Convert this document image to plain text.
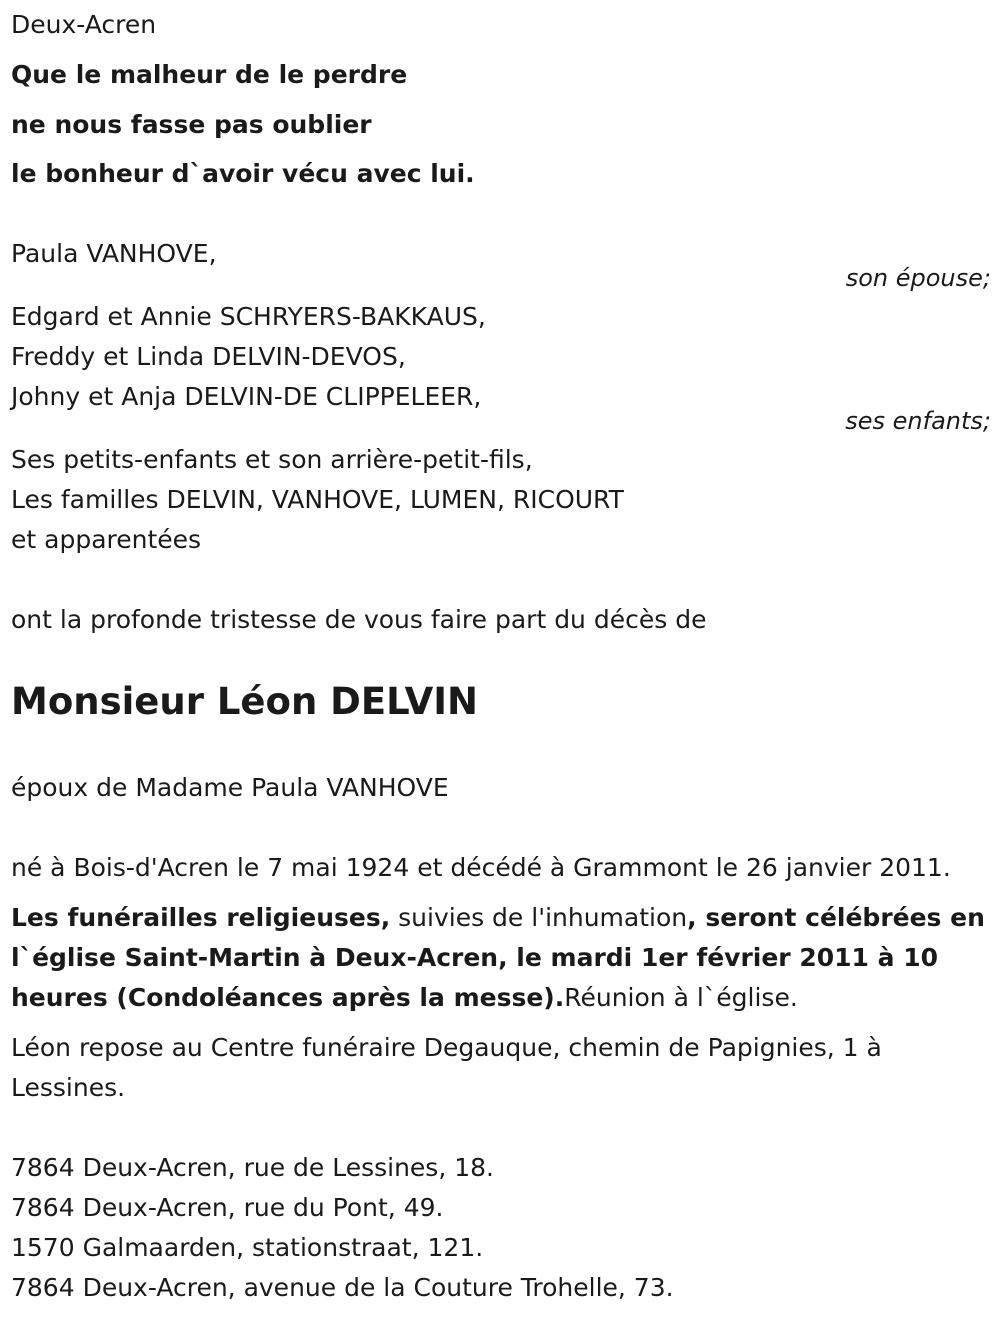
Deux-Acren
Que le malheur de le perdre
ne nous fasse pas oublier
le bonheur d`avoir vécu avec lui.
Paula VANHOVE,
son épouse;
Edgard et Annie SCHRYERS-BAKKAUS,
Freddy et Linda DELVIN-DEVOS,
Johny et Anja DELVIN-DE CLIPPELEER,
ses enfants;
Ses petits-enfants et son arrière-petit-fils,
Les familles DELVIN, VANHOVE, LUMEN, RICOURT
et apparentées
ont la profonde tristesse de vous faire part du décès de
Monsieur Léon DELVIN
époux de Madame Paula VANHOVE
né à Bois-d'Acren le 7 mai 1924 et décédé à Grammont le 26 janvier 2011.
Les funérailles religieuses, suivies de l'inhumation, seront célébrées en l`église Saint-Martin à Deux-Acren, le mardi 1er février 2011 à 10 heures (Condoléances après la messe).Réunion à l`église.
Léon repose au Centre funéraire Degauque, chemin de Papignies, 1 à Lessines.
7864 Deux-Acren, rue de Lessines, 18.
7864 Deux-Acren, rue du Pont, 49.
1570 Galmaarden, stationstraat, 121.
7864 Deux-Acren, avenue de la Couture Trohelle, 73.
